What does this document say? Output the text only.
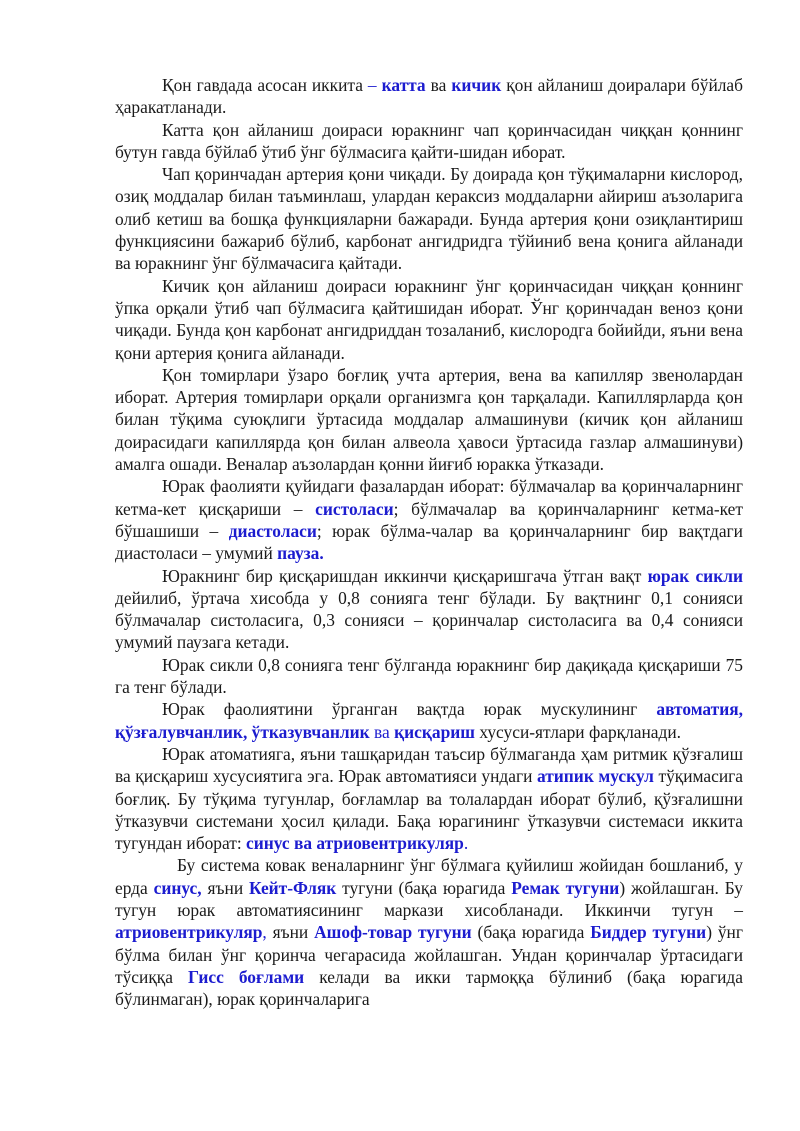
Қон гавдада асосан иккита – катта ва кичик қон айланиш доиралари бўйлаб ҳаракатланади.

Катта қон айланиш доираси юракнинг чап қоринчасидан чиққан қоннинг бутун гавда бўйлаб ўтиб ўнг бўлмасига қайти-шидан иборат.

Чап қоринчадан артерия қони чиқади. Бу доирада қон тўқималарни кислород, озиқ моддалар билан таъминлаш, улардан кераксиз моддаларни айириш аъзоларига олиб кетиш ва бошқа функцияларни бажаради. Бунда артерия қони озиқлантириш функциясини бажариб бўлиб, карбонат ангидридга тўйиниб вена қонига айланади ва юракнинг ўнг бўлмачасига қайтади.

Кичик қон айланиш доираси юракнинг ўнг қоринчасидан чиққан қоннинг ўпка орқали ўтиб чап бўлмасига қайтишидан иборат. Ўнг қоринчадан веноз қони чиқади. Бунда қон карбонат ангидриддан тозаланиб, кислородга бойийди, яъни вена қони артерия қонига айланади.

Қон томирлари ўзаро боғлиқ учта артерия, вена ва капилляр звенолардан иборат. Артерия томирлари орқали организмга қон тарқалади. Капиллярларда қон билан тўқима суюқлиги ўртасида моддалар алмашинуви (кичик қон айланиш доирасидаги капиллярда қон билан алвеола ҳавоси ўртасида газлар алмашинуви) амалга ошади. Веналар аъзолардан қонни йиғиб юракка ўтказади.

Юрак фаолияти қуйидаги фазалардан иборат: бўлмачалар ва қоринчаларнинг кетма-кет қисқариши – систоласи; бўлмачалар ва қоринчаларнинг кетма-кет бўшашиши – диастоласи; юрак бўлма-чалар ва қоринчаларнинг бир вақтдаги диастоласи – умумий пауза.

Юракнинг бир қисқаришдан иккинчи қисқаришгача ўтган вақт юрак сикли дейилиб, ўртача хисобда у 0,8 сонияга тенг бўлади. Бу вақтнинг 0,1 сонияси бўлмачалар систоласига, 0,3 сонияси – қоринчалар систоласига ва 0,4 сонияси умумий паузага кетади.

Юрак сикли 0,8 сонияга тенг бўлганда юракнинг бир дақиқада қисқариши 75 га тенг бўлади.

Юрак фаолиятини ўрганган вақтда юрак мускулининг автоматия, қўзғалувчанлик, ўтказувчанлик ва қисқариш хусуси-ятлари фарқланади.

Юрак атоматияга, яъни ташқаридан таъсир бўлмаганда ҳам ритмик қўзғалиш ва қисқариш хусусиятига эга. Юрак автоматияси ундаги атипик мускул тўқимасига боғлиқ. Бу тўқима тугунлар, боғламлар ва толалардан иборат бўлиб, қўзғалишни ўтказувчи системани ҳосил қилади. Бақа юрагининг ўтказувчи системаси иккита тугундан иборат: синус ва атриовентрикуляр.

Бу система ковак веналарнинг ўнг бўлмага қуйилиш жойидан бошланиб, у ерда синус, яъни Кейт-Фляк тугуни (бақа юрагида Ремак тугуни) жойлашган. Бу тугун юрак автоматиясининг маркази хисобланади. Иккинчи тугун – атриовентрикуляр, яъни Ашоф-товар тугуни (бақа юрагида Биддер тугуни) ўнг бўлма билан ўнг қоринча чегарасида жойлашган. Ундан қоринчалар ўртасидаги тўсиққа Гисс боғлами келади ва икки тармоққа бўлиниб (бақа юрагида бўлинмаган), юрак қоринчаларига
